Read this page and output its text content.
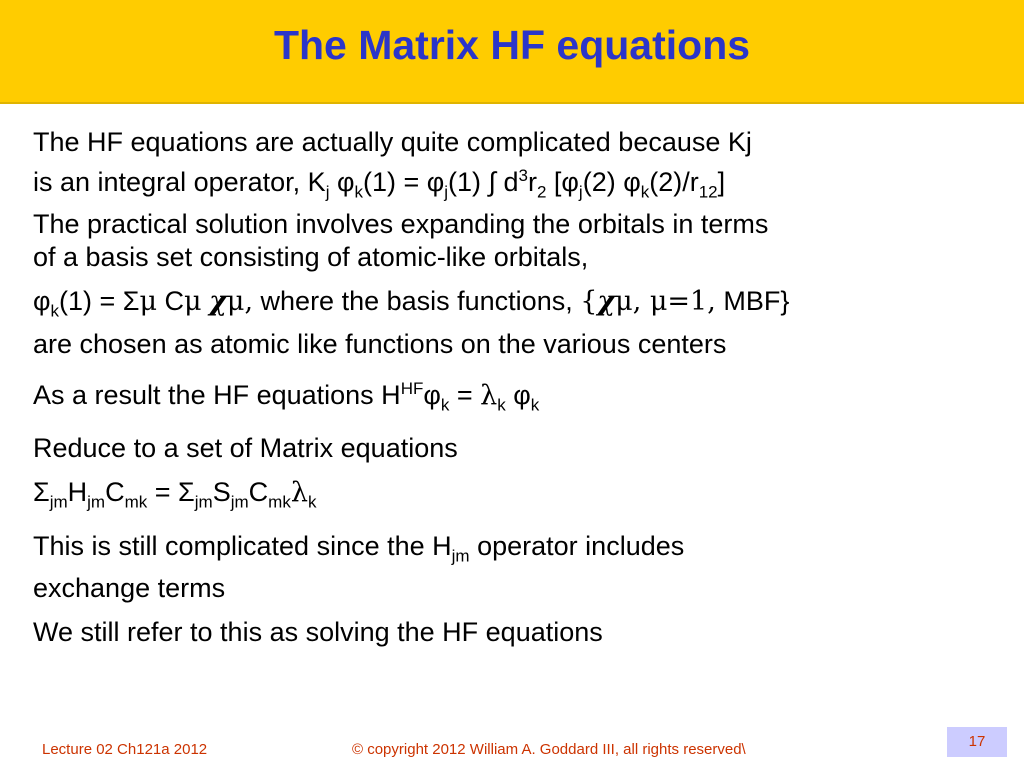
The Matrix HF equations

The HF equations are actually quite complicated because Kj

is an integral operator, $K_j$ $\varphi_k(1) = \varphi_j(1)$ ∫ $d^3r_2$ [$\varphi_j(2)$ $\varphi_k(2)/r_{12}$]

The practical solution involves expanding the orbitals in terms

of a basis set consisting of atomic-like orbitals,

$\varphi_k(1) = \Sigma\mu$ Cμ χμ, where the basis functions, {χμ, μ=1, MBF}

are chosen as atomic like functions on the various centers

As a result the HF equations $H^{HF}\varphi_k = \lambda_k$ $\varphi_k$

Reduce to a set of Matrix equations

$\Sigma_{jm}H_{jm}C_{mk} = \Sigma_{jm}S_{jm}C_{mk}\lambda_k$

This is still complicated since the $H_{jm}$ operator includes

exchange terms

We still refer to this as solving the HF equations

Lecture 02 Ch121a 2012	© copyright 2012 William A. Goddard III, all rights reserved\	17
